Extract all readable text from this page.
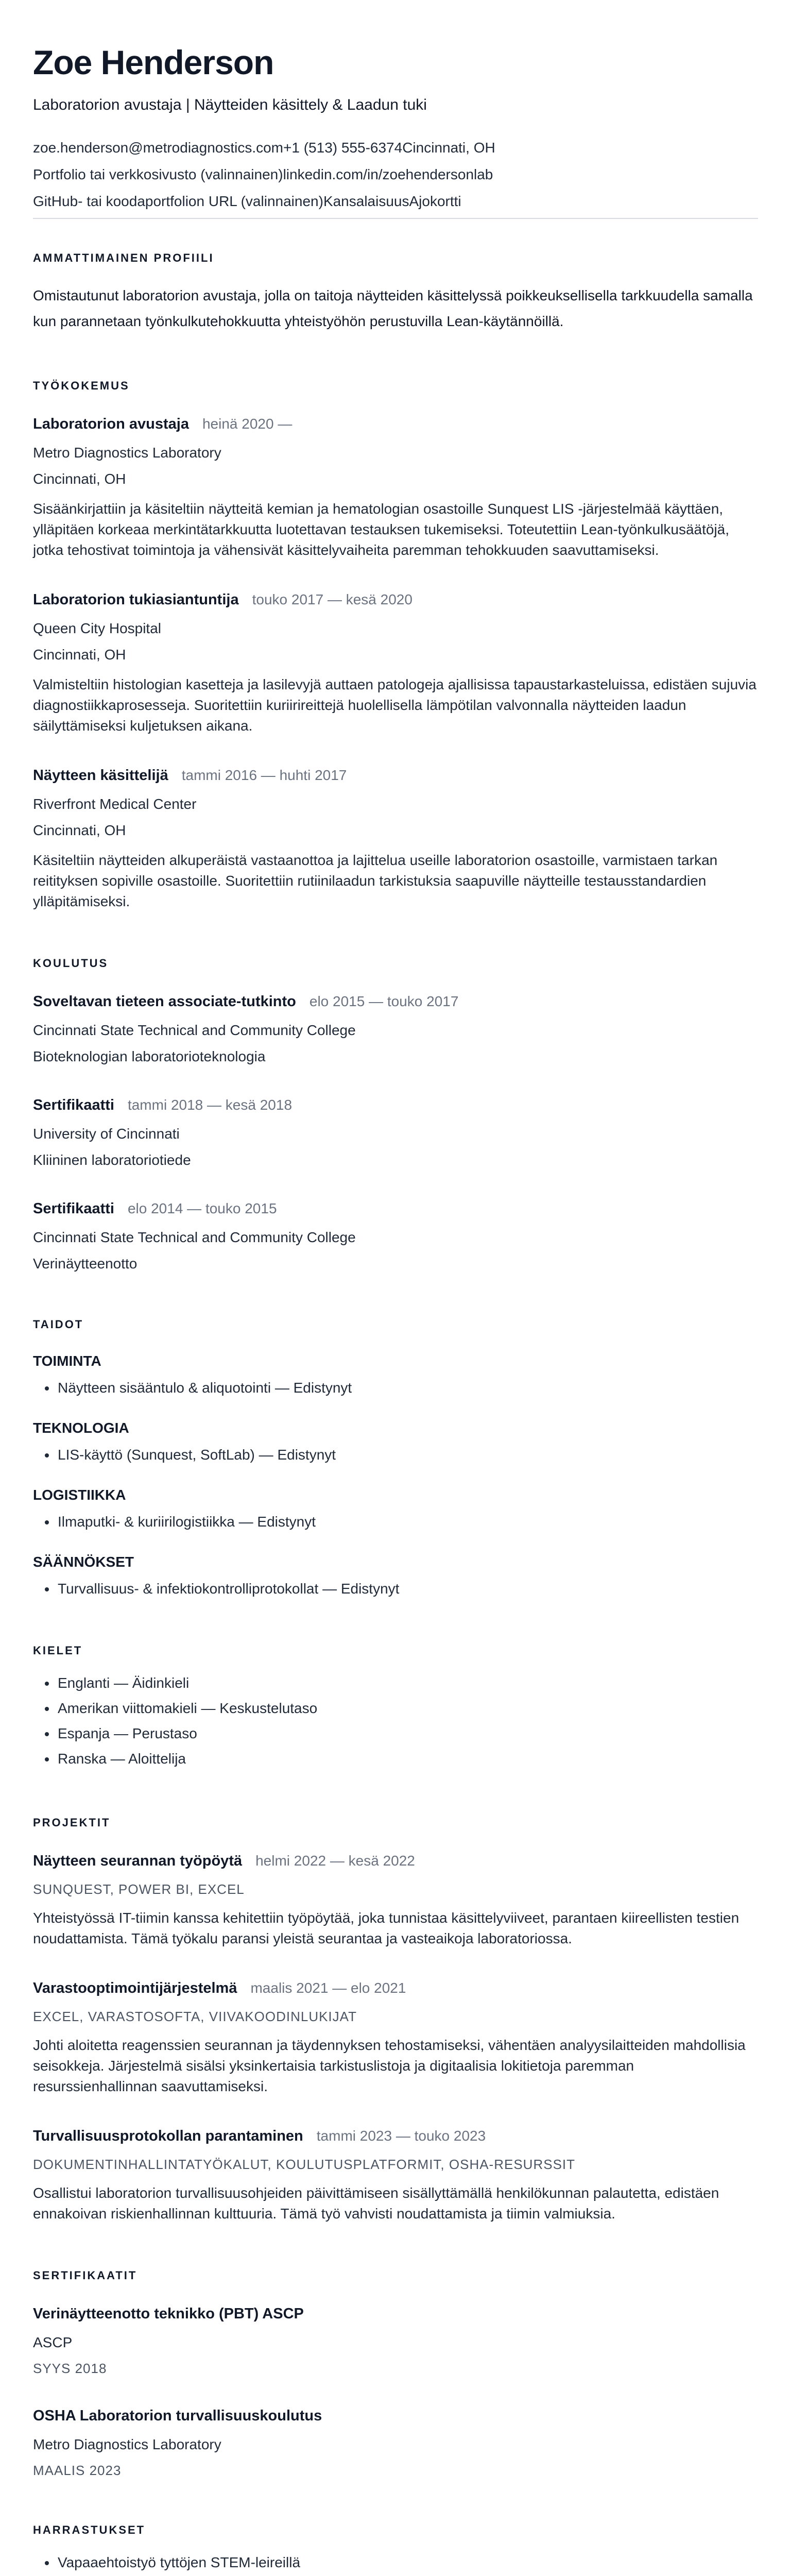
Zoe Henderson
Laboratorion avustaja | Näytteiden käsittely & Laadun tuki
zoe.henderson@metrodiagnostics.com+1 (513) 555-6374Cincinnati, OH
Portfolio tai verkkosivusto (valinnainen)linkedin.com/in/zoehendersonlab
GitHub- tai koodaportfolion URL (valinnainen)KansalaisuusAjokortti
AMMATTIMAINEN PROFIILI

Omistautunut laboratorion avustaja, jolla on taitoja näytteiden käsittelyssä poikkeuksellisella tarkkuudella samalla kun parannetaan työnkulkutehokkuutta yhteistyöhön perustuvilla Lean-käytännöillä.

TYÖKOKEMUS
Laboratorion avustaja heinä 2020 —
Metro Diagnostics Laboratory
Cincinnati, OH

Sisäänkirjattiin ja käsiteltiin näytteitä kemian ja hematologian osastoille Sunquest LIS -järjestelmää käyttäen, ylläpitäen korkeaa merkintätarkkuutta luotettavan testauksen tukemiseksi. Toteutettiin Lean-työnkulkusäätöjä, jotka tehostivat toimintoja ja vähensivät käsittelyvaiheita paremman tehokkuuden saavuttamiseksi.

Laboratorion tukiasiantuntija touko 2017 — kesä 2020
Queen City Hospital
Cincinnati, OH

Valmisteltiin histologian kasetteja ja lasilevyjä auttaen patologeja ajallisissa tapaustarkasteluissa, edistäen sujuvia diagnostiikkaprosesseja. Suoritettiin kuriirireittejä huolellisella lämpötilan valvonnalla näytteiden laadun säilyttämiseksi kuljetuksen aikana.

Näytteen käsittelijä tammi 2016 — huhti 2017
Riverfront Medical Center
Cincinnati, OH

Käsiteltiin näytteiden alkuperäistä vastaanottoa ja lajittelua useille laboratorion osastoille, varmistaen tarkan reitityksen sopiville osastoille. Suoritettiin rutiinilaadun tarkistuksia saapuville näytteille testausstandardien ylläpitämiseksi.

KOULUTUS
Soveltavan tieteen associate-tutkinto elo 2015 — touko 2017
Cincinnati State Technical and Community College
Bioteknologian laboratorioteknologia
Sertifikaatti tammi 2018 — kesä 2018
University of Cincinnati
Kliininen laboratoriotiede
Sertifikaatti elo 2014 — touko 2015
Cincinnati State Technical and Community College
Verinäytteenotto
TAIDOT
TOIMINTA
• Näytteen sisääntulo & aliquotointi — Edistynyt
TEKNOLOGIA
• LIS-käyttö (Sunquest, SoftLab) — Edistynyt
LOGISTIIKKA
• Ilmaputki- & kuriirilogistiikka — Edistynyt
SÄÄNNÖKSET
• Turvallisuus- & infektiokontrolliprotokollat — Edistynyt
KIELET
• Englanti — Äidinkieli
• Amerikan viittomakieli — Keskustelutaso
• Espanja — Perustaso
• Ranska — Aloittelija
PROJEKTIT
Näytteen seurannan työpöytä helmi 2022 — kesä 2022
SUNQUEST, POWER BI, EXCEL

Yhteistyössä IT-tiimin kanssa kehitettiin työpöytää, joka tunnistaa käsittelyviiveet, parantaen kiireellisten testien noudattamista. Tämä työkalu paransi yleistä seurantaa ja vasteaikoja laboratoriossa.

Varastooptimointijärjestelmä maalis 2021 — elo 2021
EXCEL, VARASTOSOFTA, VIIVAKOODINLUKIJAT

Johti aloitetta reagenssien seurannan ja täydennyksen tehostamiseksi, vähentäen analyysilaitteiden mahdollisia seisokkeja. Järjestelmä sisälsi yksinkertaisia tarkistuslistoja ja digitaalisia lokitietoja paremman resurssienhallinnan saavuttamiseksi.

Turvallisuusprotokollan parantaminen tammi 2023 — touko 2023
DOKUMENTINHALLINTATYÖKALUT, KOULUTUSPLATFORMIT, OSHA-RESURSSIT

Osallistui laboratorion turvallisuusohjeiden päivittämiseen sisällyttämällä henkilökunnan palautetta, edistäen ennakoivan riskienhallinnan kulttuuria. Tämä työ vahvisti noudattamista ja tiimin valmiuksia.

SERTIFIKAATIT
Verinäytteenotto teknikko (PBT) ASCP
ASCP
SYYS 2018
OSHA Laboratorion turvallisuuskoulutus
Metro Diagnostics Laboratory
MAALIS 2023
HARRASTUKSET
• Vapaaehtoistyö tyttöjen STEM-leireillä
•
